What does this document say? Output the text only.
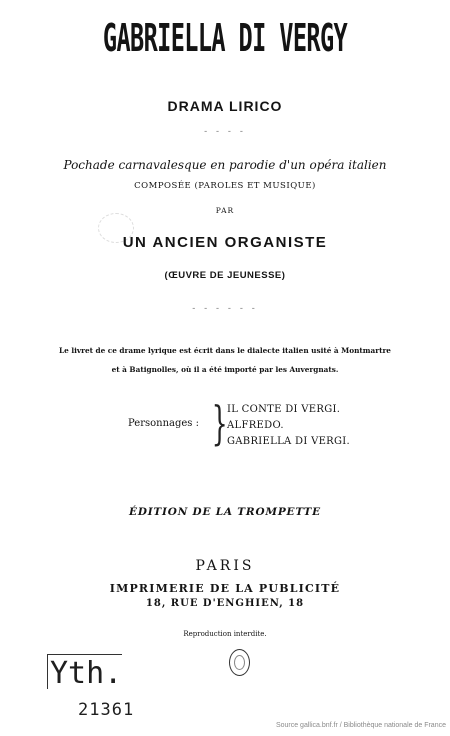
GABRIELLA DI VERGY
DRAMA LIRICO
- - - -
Pochade carnavalesque en parodie d'un opéra italien
COMPOSÉE (PAROLES ET MUSIQUE)
PAR
UN ANCIEN ORGANISTE
(ŒUVRE DE JEUNESSE)
- - - - - -
Le livret de ce drame lyrique est écrit dans le dialecte italien usité à Montmartre
et à Batignolles, où il a été importé par les Auvergnats.
Personnages : } IL CONTE DI VERGI.
ALFREDO.
GABRIELLA DI VERGI.
ÉDITION DE LA TROMPETTE
PARIS
IMPRIMERIE DE LA PUBLICITÉ
18, RUE D'ENGHIEN, 18
Reproduction interdite.
Yth.
21361
Source gallica.bnf.fr / Bibliothèque nationale de France
